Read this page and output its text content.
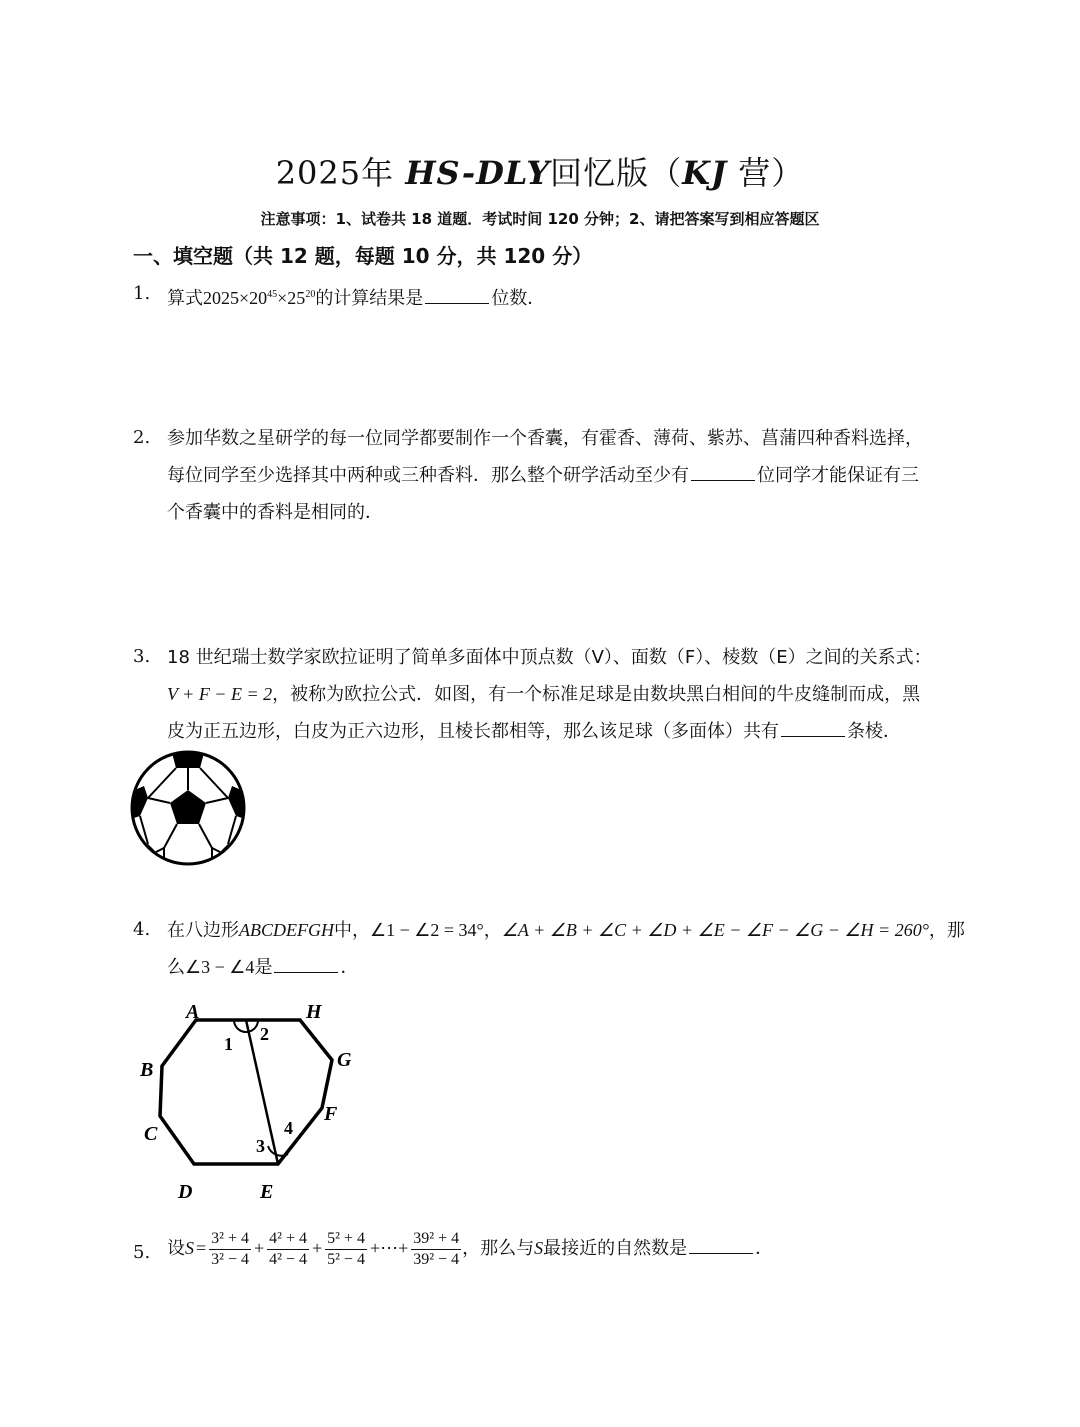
2025年 HS-DLY回忆版（KJ 营）
注意事项：1、试卷共 18 道题．考试时间 120 分钟；2、请把答案写到相应答题区
一、填空题（共 12 题，每题 10 分，共 120 分）
1. 算式$2025\times 20^{45}\times 25^{20}$的计算结果是	位数．
2. 参加华数之星研学的每一位同学都要制作一个香囊，有霍香、薄荷、紫苏、菖蒲四种香料选择，
每位同学至少选择其中两种或三种香料．那么整个研学活动至少有	位同学才能保证有三
个香囊中的香料是相同的．
3. 18 世纪瑞士数学家欧拉证明了简单多面体中顶点数（V）、面数（F）、棱数（E）之间的关系式：
V + F − E = 2，被称为欧拉公式．如图，有一个标准足球是由数块黑白相间的牛皮缝制而成，黑
皮为正五边形，白皮为正六边形，且棱长都相等，那么该足球（多面体）共有	条棱．
4. 在八边形ABCDEFGH中，∠1 − ∠2 = 34°，∠A + ∠B + ∠C + ∠D + ∠E − ∠F − ∠G − ∠H = 260°，那
么∠3 − ∠4是	．
A	H
B	G
C
F
D	E
1 2
3
4
5. 设$S = \frac{\text{3² + 4}}{\text{3² − 4}} + \frac{\text{4² + 4}}{\text{4² − 4}} + \frac{\text{5² + 4}}{\text{5² − 4}}$ +⋯+ $\frac{\text{39² + 4}}{\text{39² − 4}}$ ，那么与S最接近的自然数是	．
